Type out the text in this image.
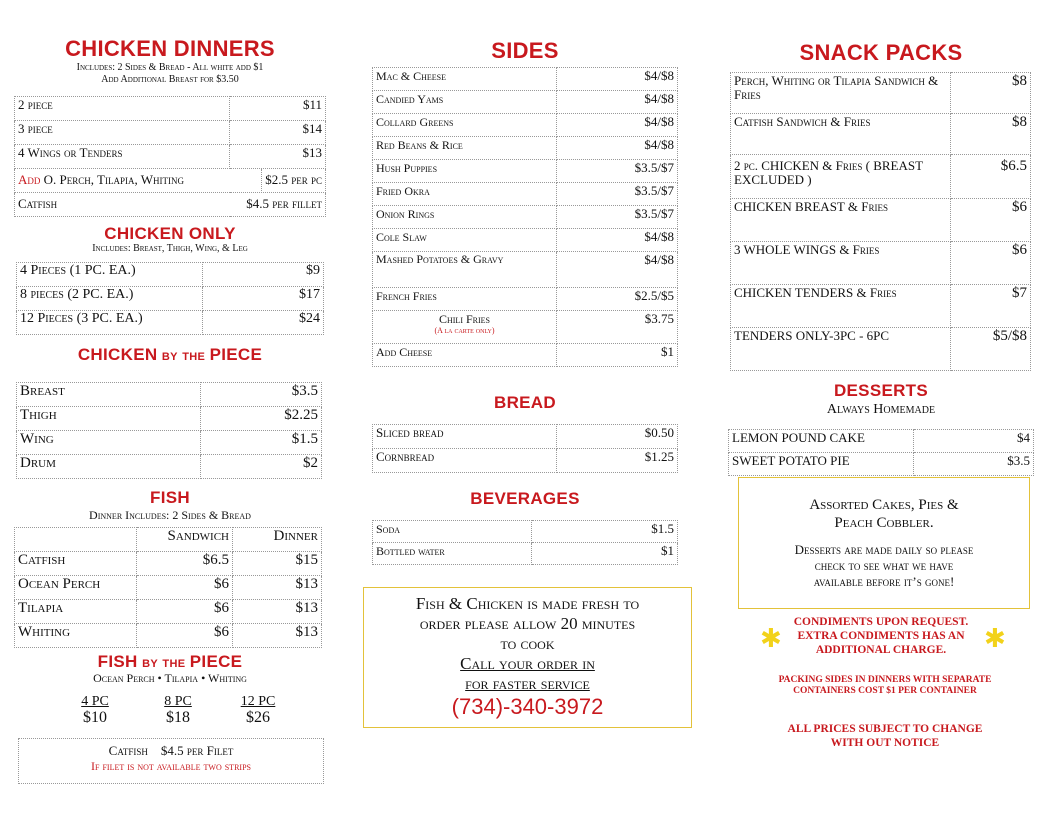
CHICKEN DINNERS
Includes: 2 Sides & Bread - All white add $1
Add Additional Breast for $3.50
2 piece	$11
3 piece	$14
4 Wings or Tenders	$13

Add O. Perch, Tilapia, Whiting $2.5 per pc	

Catfish $4.5 per fillet	
CHICKEN ONLY
Includes: Breast, Thigh, Wing, & Leg
4 Pieces (1 PC. EA.)	$9
8 pieces (2 PC. EA.)	$17
12 Pieces (3 PC. EA.)	$24
CHICKEN by the PIECE
Breast	$3.5
Thigh	$2.25
Wing	$1.5
Drum	$2
FISH
Dinner Includes: 2 Sides & Bread
	Sandwich	Dinner
Catfish	$6.5	$15
Ocean Perch	$6	$13
Tilapia	$6	$13
Whiting	$6	$13
FISH by the PIECE
Ocean Perch • Tilapia • Whiting
4 PC
$10
8 PC
$18
12 PC
$26
Catfish $4.5 per Filet
If filet is not available two strips
SIDES
Mac & Cheese	$4/$8
Candied Yams	$4/$8
Collard Greens	$4/$8
Red Beans & Rice	$4/$8
Hush Puppies	$3.5/$7
Fried Okra	$3.5/$7
Onion Rings	$3.5/$7
Cole Slaw	$4/$8
Mashed Potatoes & Gravy	$4/$8
French Fries	$2.5/$5

Chili Fries
(A la carte only)	$3.75
Add Cheese	$1
BREAD
Sliced bread	$0.50
Cornbread	$1.25
BEVERAGES
Soda	$1.5
Bottled water	$1
Fish & Chicken is made fresh to
order please allow 20 minutes
to cook
Call your order in
for faster service
(734)-340-3972
SNACK PACKS
Perch, Whiting or Tilapia Sandwich & Fries	$8
Catfish Sandwich & Fries	$8
2 pc. CHICKEN & Fries ( BREAST EXCLUDED )	$6.5
CHICKEN BREAST & Fries	$6
3 WHOLE WINGS & Fries	$6
CHICKEN TENDERS & Fries	$7
TENDERS ONLY-3PC - 6PC	$5/$8
DESSERTS
Always Homemade
LEMON POUND CAKE	$4
SWEET POTATO PIE	$3.5
Assorted Cakes, Pies &
Peach Cobbler.
Desserts are made daily so please
check to see what we have
available before it’s gone!
✱	✱
CONDIMENTS UPON REQUEST.
EXTRA CONDIMENTS HAS AN
ADDITIONAL CHARGE.
PACKING SIDES IN DINNERS WITH SEPARATE
CONTAINERS COST $1 PER CONTAINER
ALL PRICES SUBJECT TO CHANGE
WITH OUT NOTICE
